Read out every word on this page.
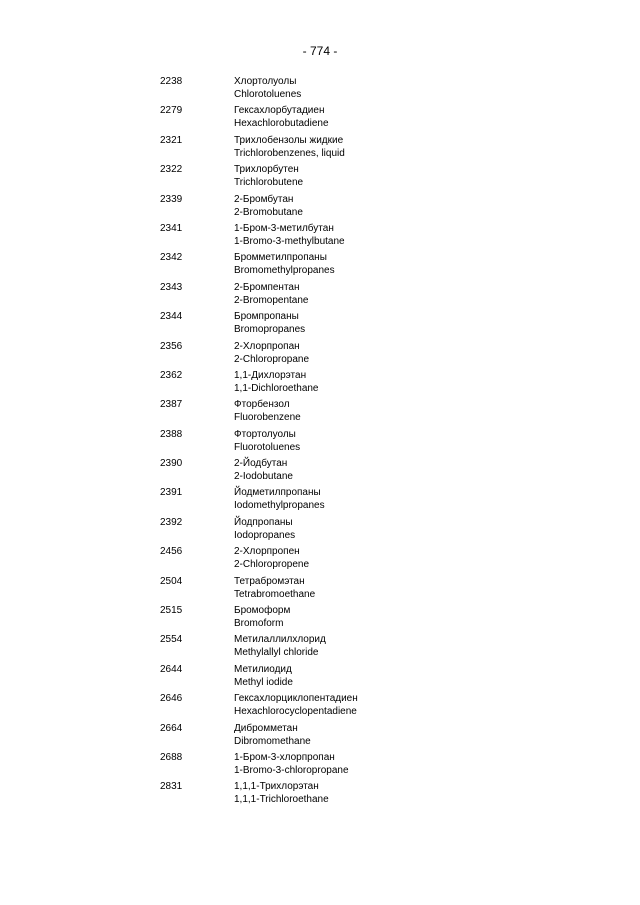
- 774 -
2238	Хлортолуолы
Chlorotoluenes
2279	Гексахлорбутадиен
Hexachlorobutadiene
2321	Трихлобензолы жидкие
Trichlorobenzenes, liquid
2322	Трихлорбутен
Trichlorobutene
2339	2-Бромбутан
2-Bromobutane
2341	1-Бром-3-метилбутан
1-Bromo-3-methylbutane
2342	Бромметилпропаны
Bromomethylpropanes
2343	2-Бромпентан
2-Bromopentane
2344	Бромпропаны
Bromopropanes
2356	2-Хлорпропан
2-Chloropropane
2362	1,1-Дихлорэтан
1,1-Dichloroethane
2387	Фторбензол
Fluorobenzene
2388	Фтортолуолы
Fluorotoluenes
2390	2-Йодбутан
2-Iodobutane
2391	Йодметилпропаны
Iodomethylpropanes
2392	Йодпропаны
Iodopropanes
2456	2-Хлорпропен
2-Chloropropene
2504	Тетрабромэтан
Tetrabromoethane
2515	Бромоформ
Bromoform
2554	Метилаллилхлорид
Methylallyl chloride
2644	Метилиодид
Methyl iodide
2646	Гексахлорциклопентадиен
Hexachlorocyclopentadiene
2664	Дибромметан
Dibromomethane
2688	1-Бром-3-хлорпропан
1-Bromo-3-chloropropane
2831	1,1,1-Трихлорэтан
1,1,1-Trichloroethane
